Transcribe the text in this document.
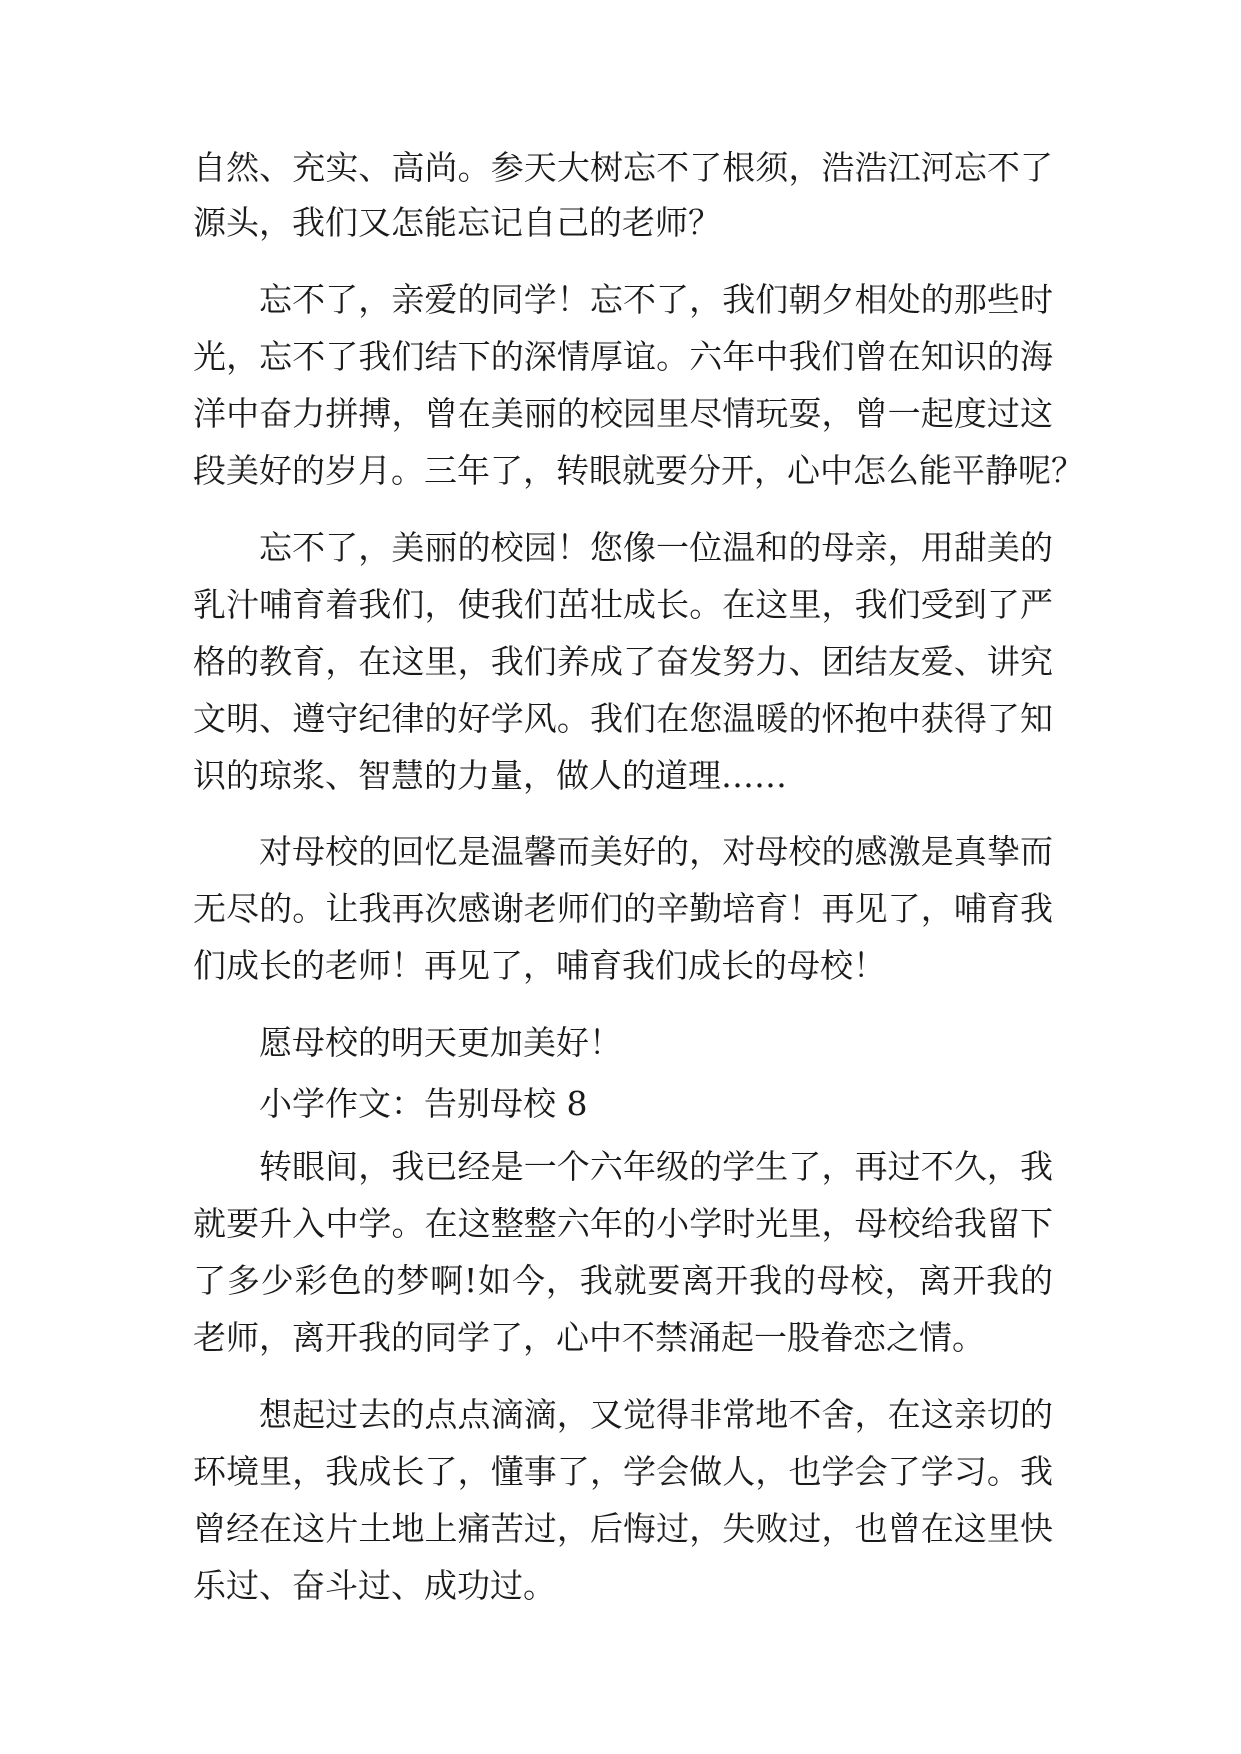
自然、充实、高尚。参天大树忘不了根须，浩浩江河忘不了
源头，我们又怎能忘记自己的老师？
忘不了，亲爱的同学！忘不了，我们朝夕相处的那些时
光，忘不了我们结下的深情厚谊。六年中我们曾在知识的海
洋中奋力拼搏，曾在美丽的校园里尽情玩耍，曾一起度过这
段美好的岁月。三年了，转眼就要分开，心中怎么能平静呢？
忘不了，美丽的校园！您像一位温和的母亲，用甜美的
乳汁哺育着我们，使我们茁壮成长。在这里，我们受到了严
格的教育，在这里，我们养成了奋发努力、团结友爱、讲究
文明、遵守纪律的好学风。我们在您温暖的怀抱中获得了知
识的琼浆、智慧的力量，做人的道理……
对母校的回忆是温馨而美好的，对母校的感激是真挚而
无尽的。让我再次感谢老师们的辛勤培育！再见了，哺育我
们成长的老师！再见了，哺育我们成长的母校！
愿母校的明天更加美好！
小学作文：告别母校 8
转眼间，我已经是一个六年级的学生了，再过不久，我
就要升入中学。在这整整六年的小学时光里，母校给我留下
了多少彩色的梦啊!如今，我就要离开我的母校，离开我的
老师，离开我的同学了，心中不禁涌起一股眷恋之情。
想起过去的点点滴滴，又觉得非常地不舍，在这亲切的
环境里，我成长了，懂事了，学会做人，也学会了学习。我
曾经在这片土地上痛苦过，后悔过，失败过，也曾在这里快
乐过、奋斗过、成功过。
